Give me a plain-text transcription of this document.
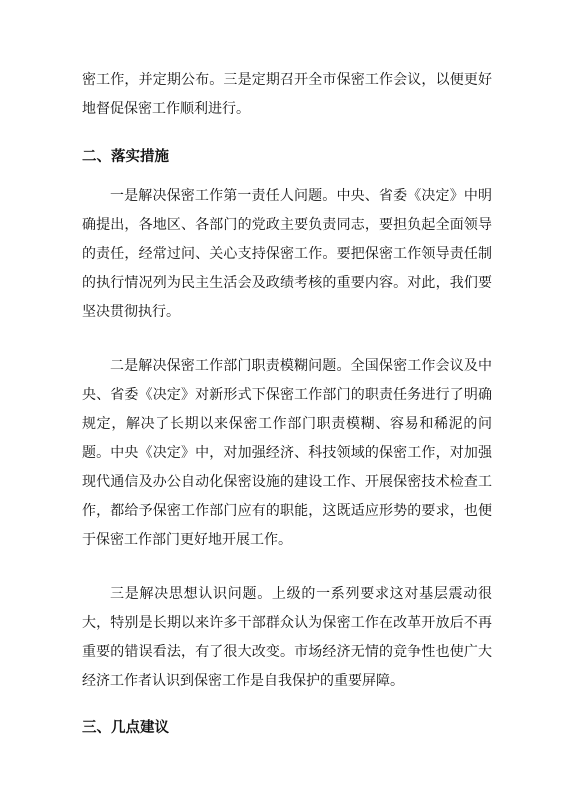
密工作，并定期公布。三是定期召开全市保密工作会议，以便更好地督促保密工作顺利进行。

二、落实措施

一是解决保密工作第一责任人问题。中央、省委《决定》中明确提出，各地区、各部门的党政主要负责同志，要担负起全面领导的责任，经常过问、关心支持保密工作。要把保密工作领导责任制的执行情况列为民主生活会及政绩考核的重要内容。对此，我们要坚决贯彻执行。

二是解决保密工作部门职责模糊问题。全国保密工作会议及中央、省委《决定》对新形式下保密工作部门的职责任务进行了明确规定，解决了长期以来保密工作部门职责模糊、容易和稀泥的问题。中央《决定》中，对加强经济、科技领域的保密工作，对加强现代通信及办公自动化保密设施的建设工作、开展保密技术检查工作，都给予保密工作部门应有的职能，这既适应形势的要求，也便于保密工作部门更好地开展工作。

三是解决思想认识问题。上级的一系列要求这对基层震动很大，特别是长期以来许多干部群众认为保密工作在改革开放后不再重要的错误看法，有了很大改变。市场经济无情的竞争性也使广大经济工作者认识到保密工作是自我保护的重要屏障。

三、几点建议
